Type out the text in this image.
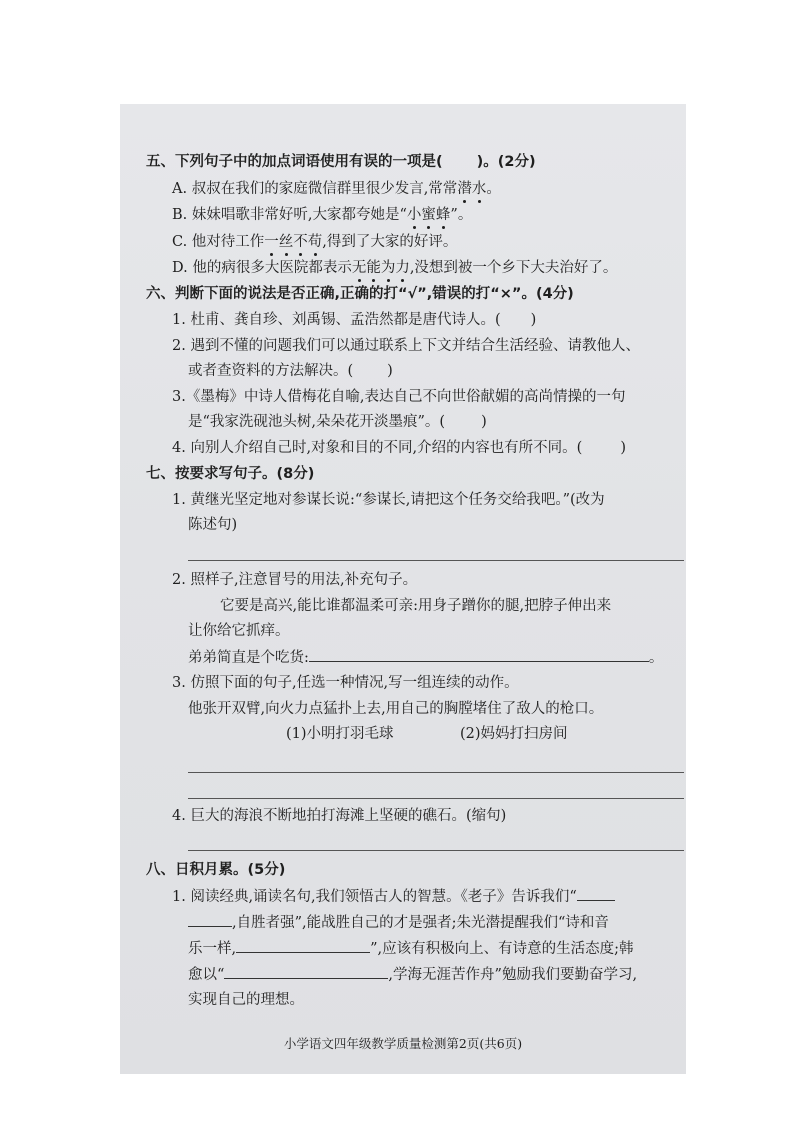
五、下列句子中的加点词语使用有误的一项是( )。(2分)
A. 叔叔在我们的家庭微信群里很少发言,常常潜水。
B. 妹妹唱歌非常好听,大家都夸她是“小蜜蜂”。
C. 他对待工作一丝不苟,得到了大家的好评。
D. 他的病很多大医院都表示无能为力,没想到被一个乡下大夫治好了。
六、判断下面的说法是否正确,正确的打“√”,错误的打“×”。(4分)
1. 杜甫、龚自珍、刘禹锡、孟浩然都是唐代诗人。( )
2. 遇到不懂的问题我们可以通过联系上下文并结合生活经验、请教他人、
或者查资料的方法解决。( )
3.《墨梅》中诗人借梅花自喻,表达自己不向世俗献媚的高尚情操的一句
是“我家洗砚池头树,朵朵花开淡墨痕”。( )
4. 向别人介绍自己时,对象和目的不同,介绍的内容也有所不同。(	)
七、按要求写句子。(8分)
1. 黄继光坚定地对参谋长说:“参谋长,请把这个任务交给我吧。”(改为
陈述句)
2. 照样子,注意冒号的用法,补充句子。
它要是高兴,能比谁都温柔可亲:用身子蹭你的腿,把脖子伸出来
让你给它抓痒。
弟弟简直是个吃货:	。
3. 仿照下面的句子,任选一种情况,写一组连续的动作。
他张开双臂,向火力点猛扑上去,用自己的胸膛堵住了敌人的枪口。
(1)小明打羽毛球	(2)妈妈打扫房间
4. 巨大的海浪不断地拍打海滩上坚硬的礁石。(缩句)
八、日积月累。(5分)
1. 阅读经典,诵读名句,我们领悟古人的智慧。《老子》告诉我们“
,自胜者强”,能战胜自己的才是强者;朱光潜提醒我们“诗和音
乐一样,	”,应该有积极向上、有诗意的生活态度;韩
愈以“	,学海无涯苦作舟”勉励我们要勤奋学习,
实现自己的理想。
小学语文四年级教学质量检测第2页(共6页)
